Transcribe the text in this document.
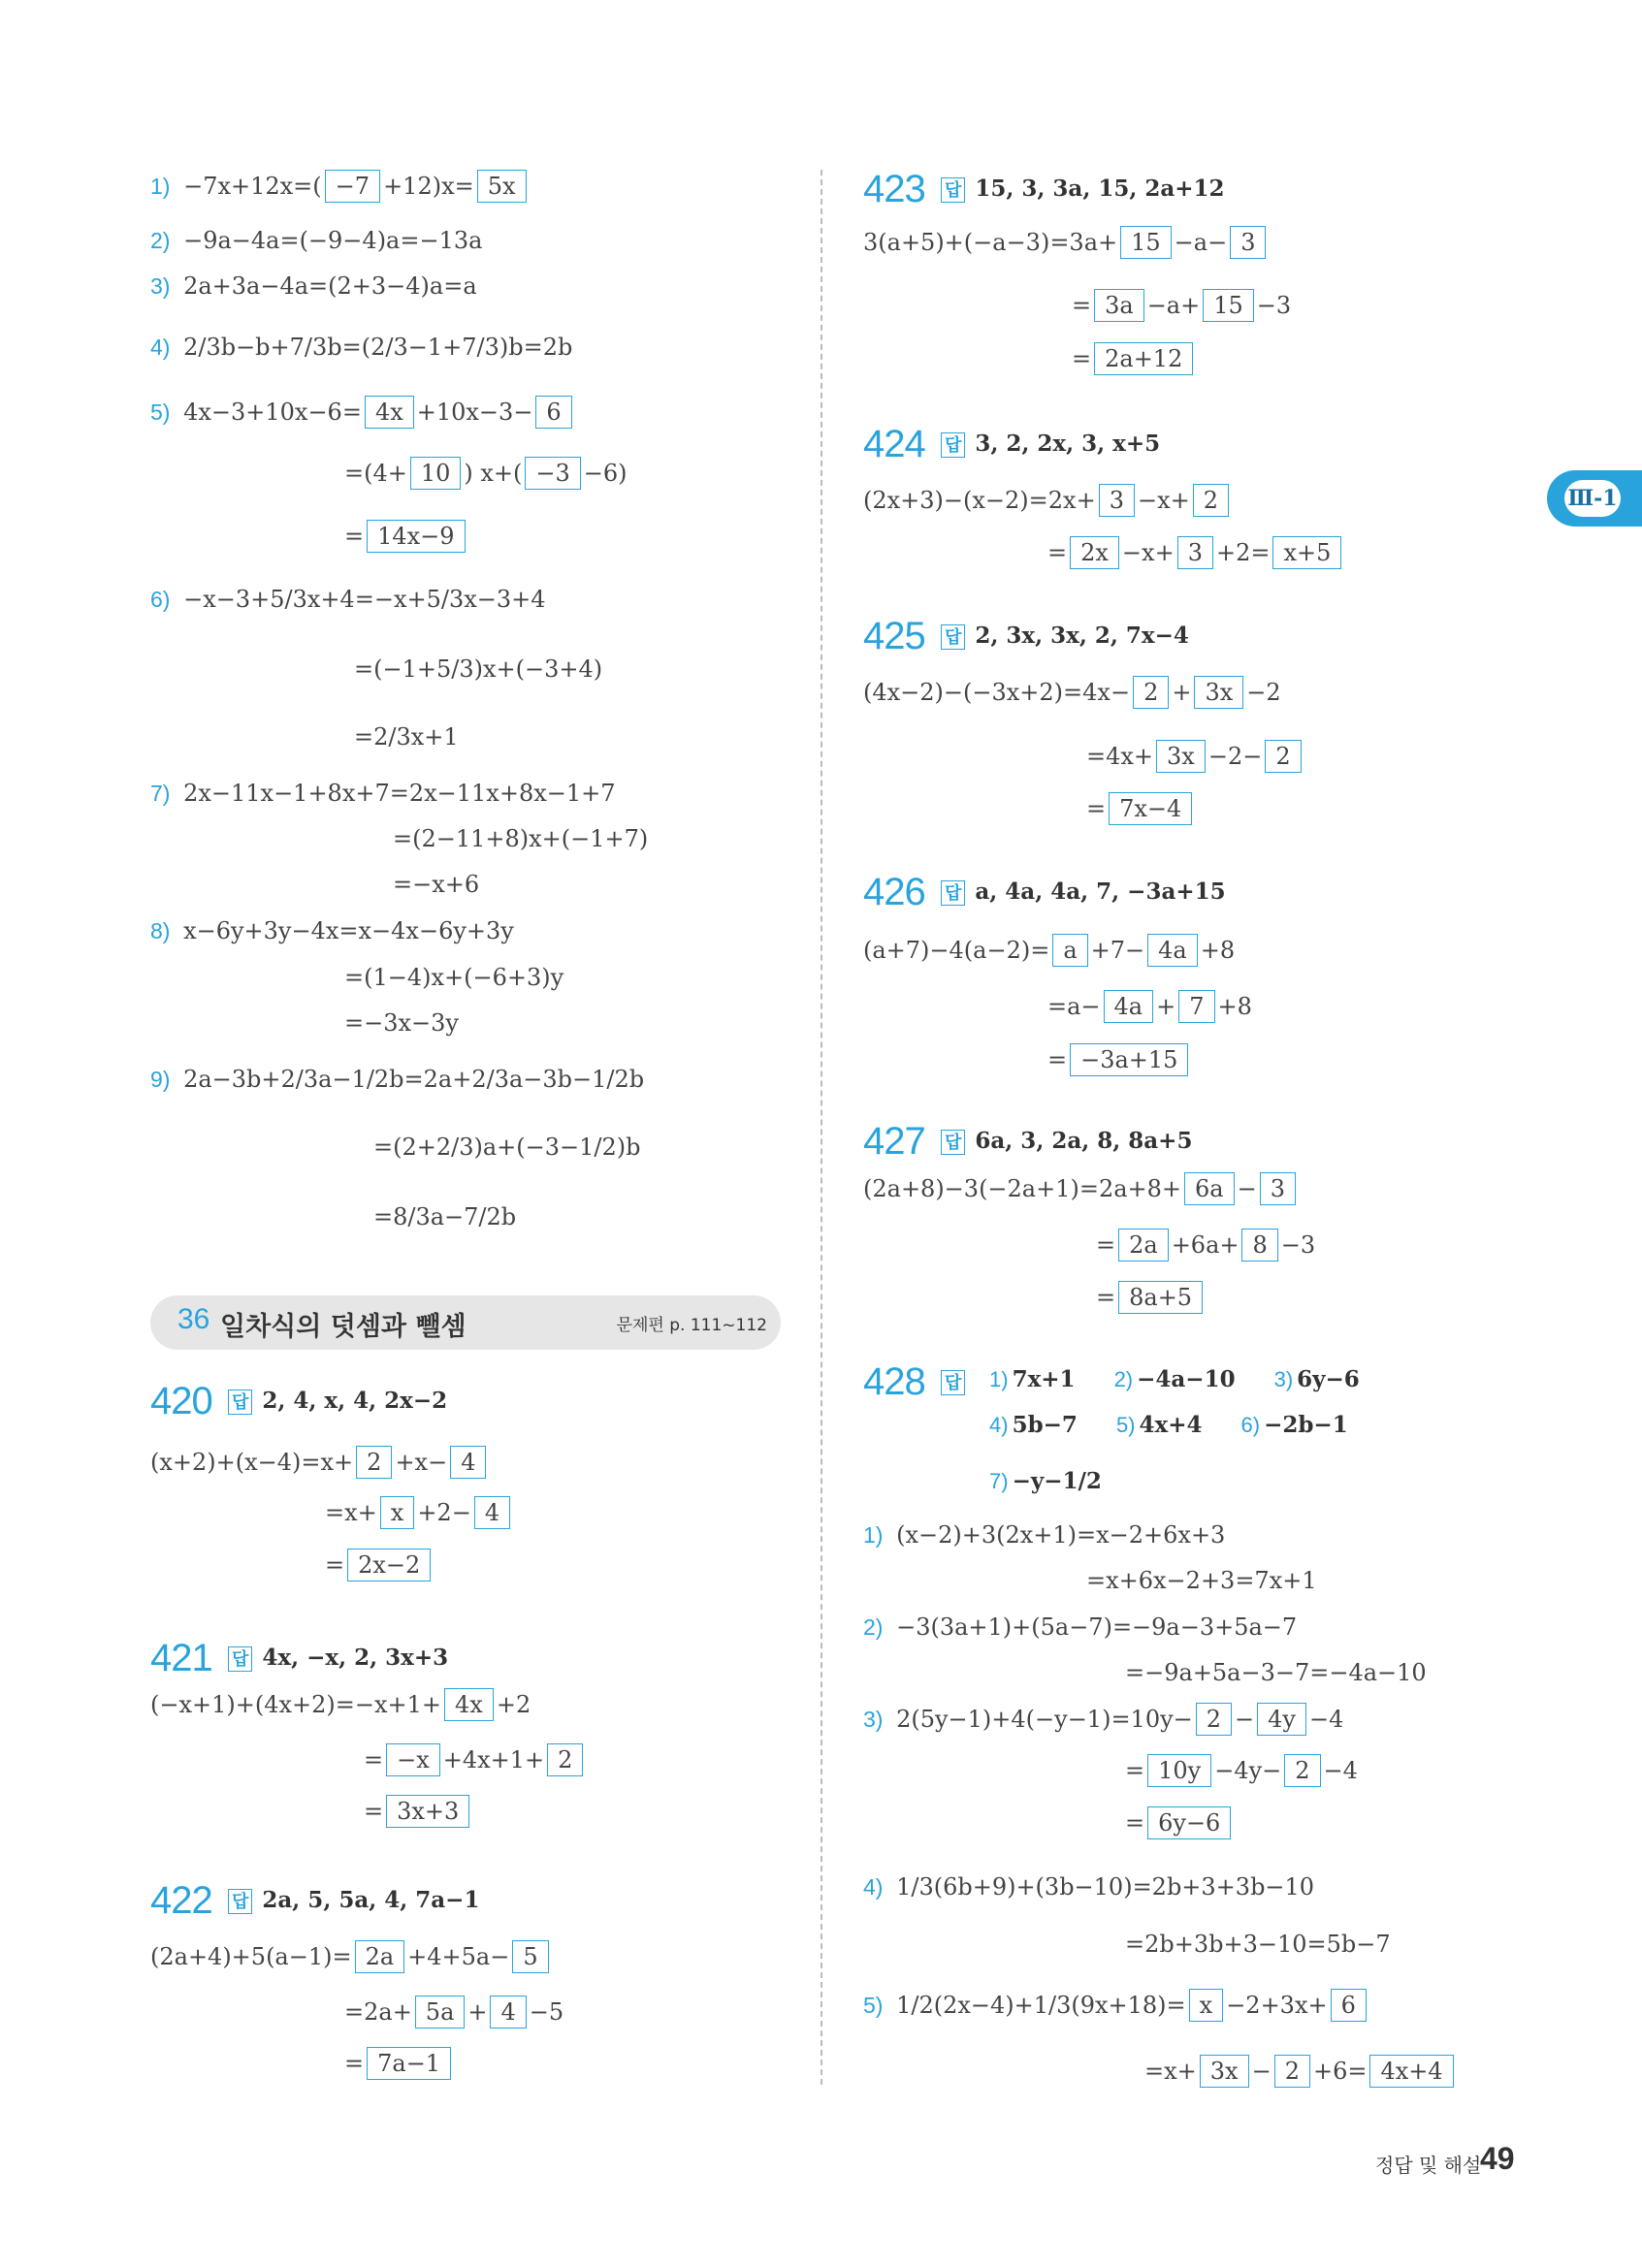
1) −7x+12x=( −7 +12)x= 5x
2) −9a−4a=(−9−4)a=−13a
3) 2a+3a−4a=(2+3−4)a=a
4) 2/3b−b+7/3b=(2/3−1+7/3)b=2b
5) 4x−3+10x−6= 4x +10x−3− 6
=(4+ 10 ) x+( −3 −6)
= 14x−9
6) −x−3+5/3x+4=−x+5/3x−3+4
=(−1+5/3)x+(−3+4)
=2/3x+1
7) 2x−11x−1+8x+7=2x−11x+8x−1+7
=(2−11+8)x+(−1+7)
=−x+6
8) x−6y+3y−4x=x−4x−6y+3y
=(1−4)x+(−6+3)y
=−3x−3y
9) 2a−3b+2/3a−1/2b=2a+2/3a−3b−1/2b
=(2+2/3)a+(−3−1/2)b
=8/3a−7/2b
(x+2)+(x−4)=x+ 2 +x− 4
=x+ x +2− 4
= 2x−2
(−x+1)+(4x+2)=−x+1+ 4x +2
= −x +4x+1+ 2
= 3x+3
(2a+4)+5(a−1)= 2a +4+5a− 5
=2a+ 5a + 4 −5
= 7a−1
420 답 2, 4, x, 4, 2x−2
421 답 4x, −x, 2, 3x+3
422 답 2a, 5, 5a, 4, 7a−1
3(a+5)+(−a−3)=3a+ 15 −a− 3
= 3a −a+ 15 −3
= 2a+12
(2x+3)−(x−2)=2x+ 3 −x+ 2
= 2x −x+ 3 +2= x+5
(4x−2)−(−3x+2)=4x− 2 + 3x −2
=4x+ 3x −2− 2
= 7x−4
(a+7)−4(a−2)= a +7− 4a +8
=a− 4a + 7 +8
= −3a+15
(2a+8)−3(−2a+1)=2a+8+ 6a − 3
= 2a +6a+ 8 −3
= 8a+5
1) (x−2)+3(2x+1)=x−2+6x+3
=x+6x−2+3=7x+1
2) −3(3a+1)+(5a−7)=−9a−3+5a−7
=−9a+5a−3−7=−4a−10
3) 2(5y−1)+4(−y−1)=10y− 2 − 4y −4
= 10y −4y− 2 −4
= 6y−6
4) 1/3(6b+9)+(3b−10)=2b+3+3b−10
=2b+3b+3−10=5b−7
5) 1/2(2x−4)+1/3(9x+18)= x −2+3x+ 6
=x+ 3x − 2 +6= 4x+4
423 답 15, 3, 3a, 15, 2a+12
424 답 3, 2, 2x, 3, x+5
425 답 2, 3x, 3x, 2, 7x−4
426 답 a, 4a, 4a, 7, −3a+15
427 답 6a, 3, 2a, 8, 8a+5
428 답	1) 7x+1 2) −4a−10 3) 6y−6
4) 5b−7 5) 4x+4 6) −2b−1
7) −y−1/2
36 일차식의 덧셈과 뺄셈	문제편 p. 111~112
Ⅲ-1
정답 및 해설
49
